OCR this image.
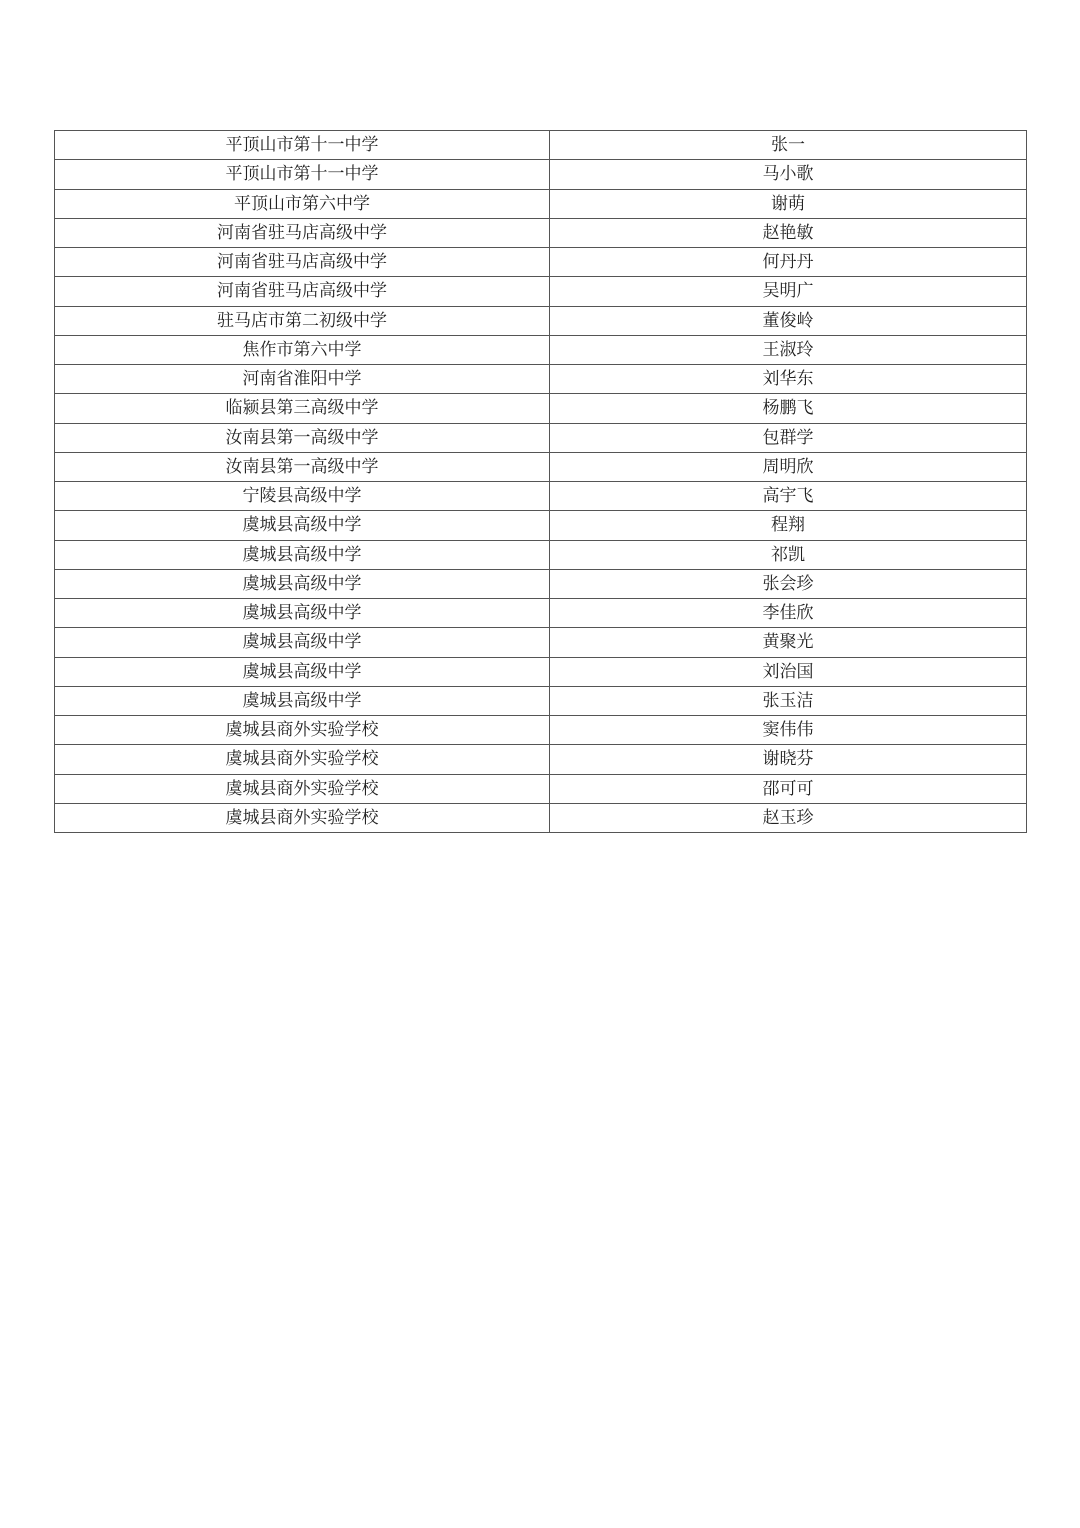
平顶山市第十一中学	张一
平顶山市第十一中学	马小歌
平顶山市第六中学	谢萌
河南省驻马店高级中学	赵艳敏
河南省驻马店高级中学	何丹丹
河南省驻马店高级中学	吴明广
驻马店市第二初级中学	董俊岭
焦作市第六中学	王淑玲
河南省淮阳中学	刘华东
临颍县第三高级中学	杨鹏飞
汝南县第一高级中学	包群学
汝南县第一高级中学	周明欣
宁陵县高级中学	高宇飞
虞城县高级中学	程翔
虞城县高级中学	祁凯
虞城县高级中学	张会珍
虞城县高级中学	李佳欣
虞城县高级中学	黄聚光
虞城县高级中学	刘治国
虞城县高级中学	张玉洁
虞城县商外实验学校	窦伟伟
虞城县商外实验学校	谢晓芬
虞城县商外实验学校	邵可可
虞城县商外实验学校	赵玉珍
